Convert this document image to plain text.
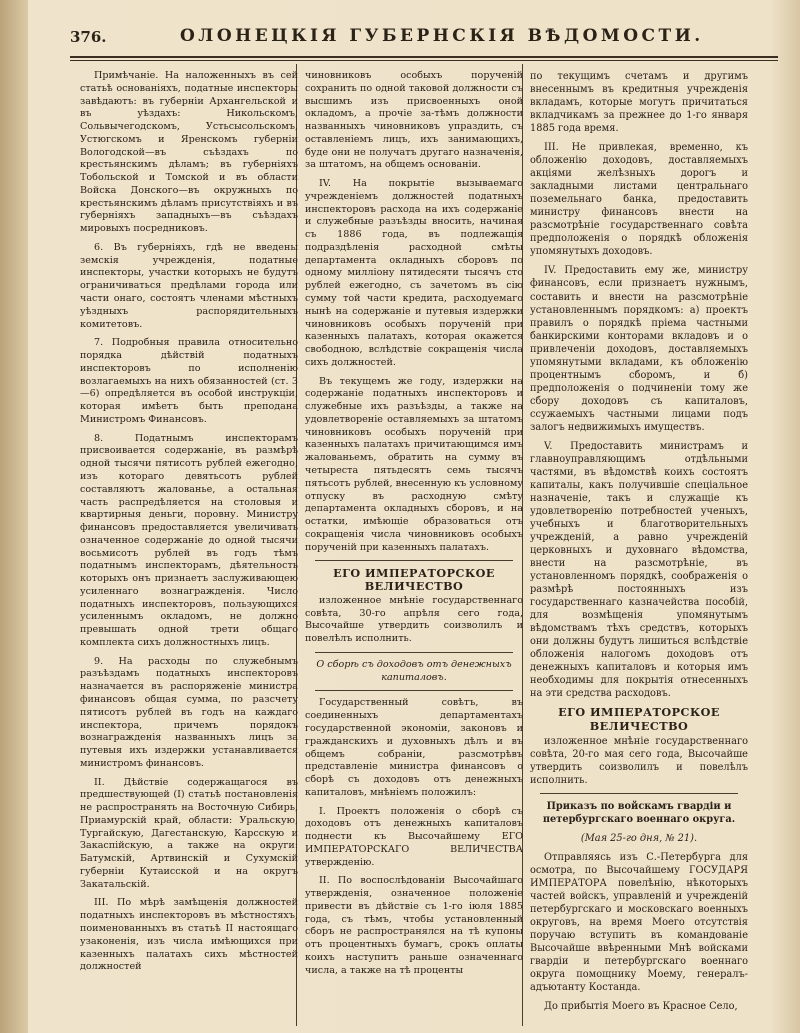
376.	ОЛОНЕЦКІЯ ГУБЕРНСКІЯ ВѢДОМОСТИ.

Примѣчаніе. На наложенныхъ въ сей статьѣ основаніяхъ, податные инспекторы завѣдаютъ: въ губерніи Архангельской и въ уѣздахъ: Никольскомъ, Сольвычегодскомъ, Устьсысольскомъ, Устюгскомъ и Яренскомъ губерніи Вологодской—въ съѣздахъ по крестьянскимъ дѣламъ; въ губерніяхъ Тобольской и Томской и въ области Войска Донского—въ окружныхъ по крестьянскимъ дѣламъ присутствіяхъ и въ губерніяхъ западныхъ—въ съѣздахъ мировыхъ посредниковъ.

6. Въ губерніяхъ, гдѣ не введены земскія учрежденія, податные инспекторы, участки которыхъ не будутъ ограничиваться предѣлами города или части онаго, состоятъ членами мѣстныхъ уѣздныхъ распорядительныхъ комитетовъ.

7. Подробныя правила относительно порядка дѣйствій податныхъ инспекторовъ по исполненію возлагаемыхъ на нихъ обязанностей (ст. 3—6) опредѣляется въ особой инструкціи, которая имѣетъ быть преподана Министромъ Финансовъ.

8. Податнымъ инспекторамъ присвоивается содержаніе, въ размѣрѣ одной тысячи пятисотъ рублей ежегодно, изъ котораго девятьсотъ рублей составляютъ жалованье, а остальная часть распредѣляется на столовыя и квартирныя деньги, поровну. Министру финансовъ предоставляется увеличивать означенное содержаніе до одной тысячи восьмисотъ рублей въ годъ тѣмъ податнымъ инспекторамъ, дѣятельность которыхъ онъ признаетъ заслуживающею усиленнаго вознагражденія. Число податныхъ инспекторовъ, пользующихся усиленнымъ окладомъ, не должно превышать одной трети общаго комплекта сихъ должностныхъ лицъ.

9. На расходы по служебнымъ разъѣздамъ податныхъ инспекторовъ назначается въ распоряженіе министра финансовъ общая сумма, по разсчету пятисотъ рублей въ годъ на каждаго инспектора, причемъ порядокъ вознагражденія названныхъ лицъ за путевыя ихъ издержки устанавливается министромъ финансовъ.

II. Дѣйствіе содержащагося въ предшествующей (I) статьѣ постановленія не распространять на Восточную Сибирь, Приамурскій край, области: Уральскую, Тургайскую, Дагестанскую, Карсскую и Закаспійскую, а также на округи: Батумскій, Артвинскій и Сухумскій губерніи Кутаисской и на округъ Закатальскій.

III. По мѣрѣ замѣщенія должностей податныхъ инспекторовъ въ мѣстностяхъ, поименованныхъ въ статьѣ II настоящаго узаконенія, изъ числа имѣющихся при казенныхъ палатахъ сихъ мѣстностей должностей

чиновниковъ особыхъ порученій сохранить по одной таковой должности съ высшимъ изъ присвоенныхъ оной окладомъ, а прочіе за-тѣмъ должности названныхъ чиновниковъ упраздить, съ оставленіемъ лицъ, ихъ занимающихъ, буде они не получатъ другаго назначенія, за штатомъ, на общемъ основаніи.

IV. На покрытіе вызываемаго учрежденіемъ должностей податныхъ инспекторовъ расхода на ихъ содержаніе и служебные разъѣзды вносить, начиная съ 1886 года, въ подлежащія подраздѣленія расходной смѣты департамента окладныхъ сборовъ по одному милліону пятидесяти тысячъ сто рублей ежегодно, съ зачетомъ въ сію сумму той части кредита, расходуемаго нынѣ на содержаніе и путевыя издержки чиновниковъ особыхъ порученій при казенныхъ палатахъ, которая окажется свободною, вслѣдствіе сокращенія числа сихъ должностей.

Въ текущемъ же году, издержки на содержаніе податныхъ инспекторовъ и служебные ихъ разъѣзды, а также на удовлетвореніе оставляемыхъ за штатомъ чиновниковъ особыхъ порученій при казенныхъ палатахъ причитающимся имъ жалованьемъ, обратить на сумму въ четыреста пятьдесятъ семь тысячъ пятьсотъ рублей, внесенную къ условному отпуску въ расходную смѣту департамента окладныхъ сборовъ, и на остатки, имѣющіе образоваться отъ сокращенія числа чиновниковъ особыхъ порученій при казенныхъ палатахъ.

ЕГО ИМПЕРАТОРСКОЕ ВЕЛИЧЕСТВО

изложенное мнѣніе государственнаго совѣта, 30-го апрѣля сего года, Высочайше утвердить соизволилъ и повелѣлъ исполнить.

О сборѣ съ доходовъ отъ денежныхъ капиталовъ.

Государственный совѣтъ, въ соединенныхъ департаментахъ государственной экономіи, законовъ и гражданскихъ и духовныхъ дѣлъ и въ общемъ собраніи, разсмотрѣвъ представленіе министра финансовъ о сборѣ съ доходовъ отъ денежныхъ капиталовъ, мнѣніемъ положилъ:

I. Проектъ положенія о сборѣ съ доходовъ отъ денежныхъ капиталовъ поднести къ Высочайшему ЕГО ИМПЕРАТОРСКАГО ВЕЛИЧЕСТВА утвержденію.

II. По воспослѣдованіи Высочайшаго утвержденія, означенное положеніе привести въ дѣйствіе съ 1-го іюля 1885 года, съ тѣмъ, чтобы установленный сборъ не распространялся на тѣ купоны отъ процентныхъ бумагъ, срокъ оплаты коихъ наступитъ раньше означеннаго числа, а также на тѣ проценты

по текущимъ счетамъ и другимъ внесеннымъ въ кредитныя учрежденія вкладамъ, которые могутъ причитаться вкладчикамъ за прежнее до 1-го января 1885 года время.

III. Не привлекая, временно, къ обложенію доходовъ, доставляемыхъ акціями желѣзныхъ дорогъ и закладными листами центральнаго поземельнаго банка, предоставить министру финансовъ внести на разсмотрѣніе государственнаго совѣта предположенія о порядкѣ обложенія упомянутыхъ доходовъ.

IV. Предоставить ему же, министру финансовъ, если признаетъ нужнымъ, составить и внести на разсмотрѣніе установленнымъ порядкомъ: а) проектъ правилъ о порядкѣ пріема частными банкирскими конторами вкладовъ и о привлеченіи доходовъ, доставляемыхъ упомянутыми вкладами, къ обложенію процентнымъ сборомъ, и б) предположенія о подчиненіи тому же сбору доходовъ съ капиталовъ, ссужаемыхъ частными лицами подъ залогъ недвижимыхъ имуществъ.

V. Предоставить министрамъ и главноуправляющимъ отдѣльными частями, въ вѣдомствѣ коихъ состоятъ капиталы, какъ получившіе спеціальное назначеніе, такъ и служащіе къ удовлетворенію потребностей ученыхъ, учебныхъ и благотворительныхъ учрежденій, а равно учрежденій церковныхъ и духовнаго вѣдомства, внести на разсмотрѣніе, въ установленномъ порядкѣ, соображенія о размѣрѣ постоянныхъ изъ государственнаго казначейства пособій, для возмѣщенія упомянутымъ вѣдомствамъ тѣхъ средствъ, которыхъ они должны будутъ лишиться вслѣдствіе обложенія налогомъ доходовъ отъ денежныхъ капиталовъ и которыя имъ необходимы для покрытія отнесенныхъ на эти средства расходовъ.

ЕГО ИМПЕРАТОРСКОЕ ВЕЛИЧЕСТВО

изложенное мнѣніе государственнаго совѣта, 20-го мая сего года, Высочайше утвердить соизволилъ и повелѣлъ исполнить.

Приказъ по войскамъ гвардіи и петербургскаго военнаго округа.

(Мая 25-го дня, № 21).

Отправляясь изъ С.-Петербурга для осмотра, по Высочайшему ГОСУДАРЯ ИМПЕРАТОРА повелѣнію, нѣкоторыхъ частей войскъ, управленій и учрежденій петербургскаго и московскаго военныхъ округовъ, на время Моего отсутствія поручаю вступить въ командованіе Высочайше ввѣренными Мнѣ войсками гвардіи и петербургскаго военнаго округа помощнику Моему, генералъ-адъютанту Костанда.

До прибытія Моего въ Красное Село,
